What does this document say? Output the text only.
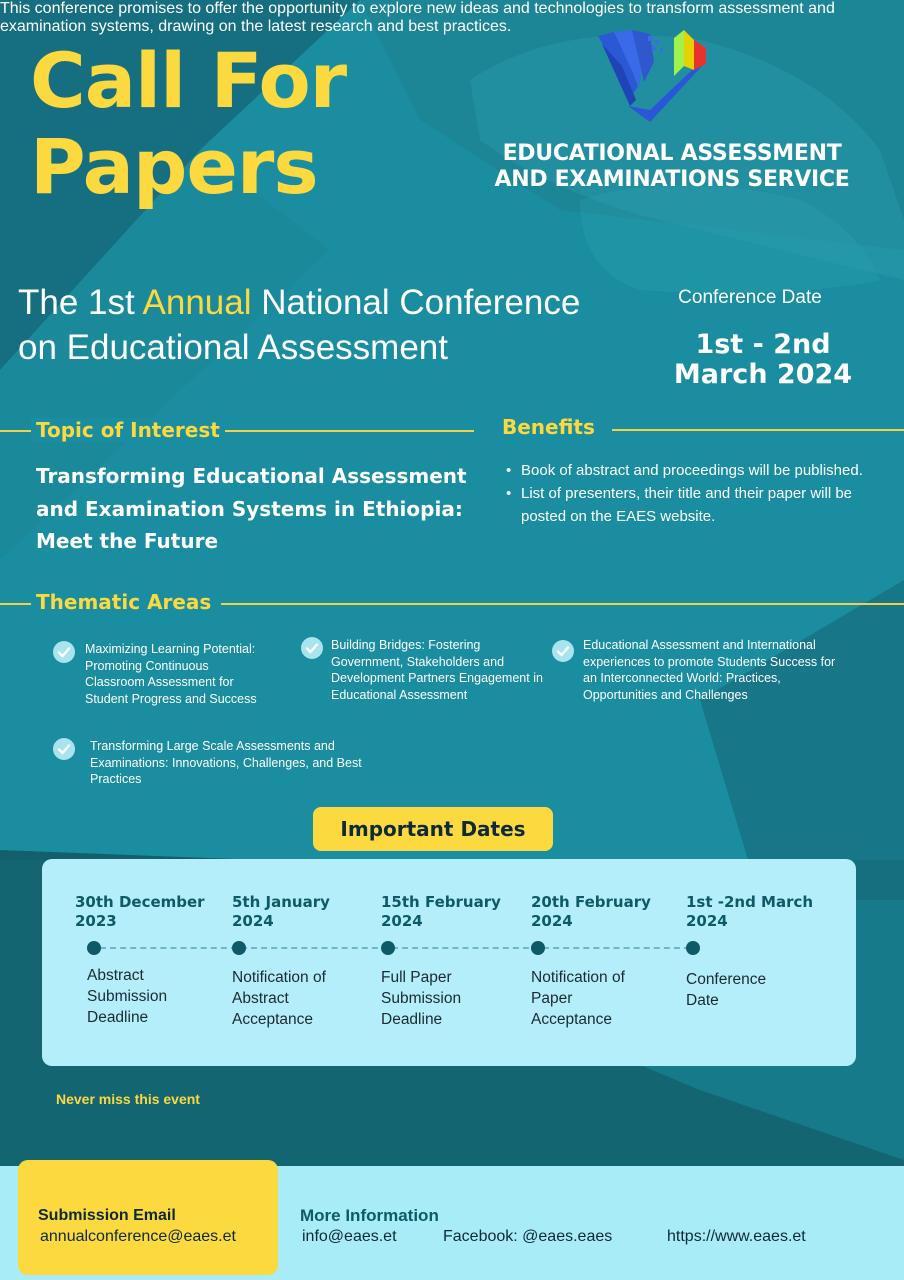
Call For
Papers	EDUCATIONAL ASSESSMENT
AND EXAMINATIONS SERVICE
The 1st Annual National Conference
on Educational Assessment
Conference Date
1st - 2nd
March 2024
Topic of Interest
Transforming Educational Assessment
and Examination Systems in Ethiopia:
Meet the Future
Benefits
• Book of abstract and proceedings will be published.
• List of presenters, their title and their paper will be
posted on the EAES website.
Thematic Areas
Maximizing Learning Potential:
Promoting Continuous
Classroom Assessment for
Student Progress and Success
Building Bridges: Fostering
Government, Stakeholders and
Development Partners Engagement in
Educational Assessment
Educational Assessment and International
experiences to promote Students Success for
an Interconnected World: Practices,
Opportunities and Challenges
Transforming Large Scale Assessments and
Examinations: Innovations, Challenges, and Best
Practices
Important Dates
30th December
2023
Abstract
Submission
Deadline
5th January
2024
Notification of
Abstract
Acceptance
15th February
2024
Full Paper
Submission
Deadline
20th February
2024
Notification of
Paper
Acceptance
1st -2nd March
2024
Conference
Date
Never miss this event
This conference promises to offer the opportunity to explore new ideas and technologies to transform assessment and
examination systems, drawing on the latest research and best practices.
Submission Email
annualconference@eaes.et
More Information
info@eaes.et	Facebook: @eaes.eaes	https://www.eaes.et
